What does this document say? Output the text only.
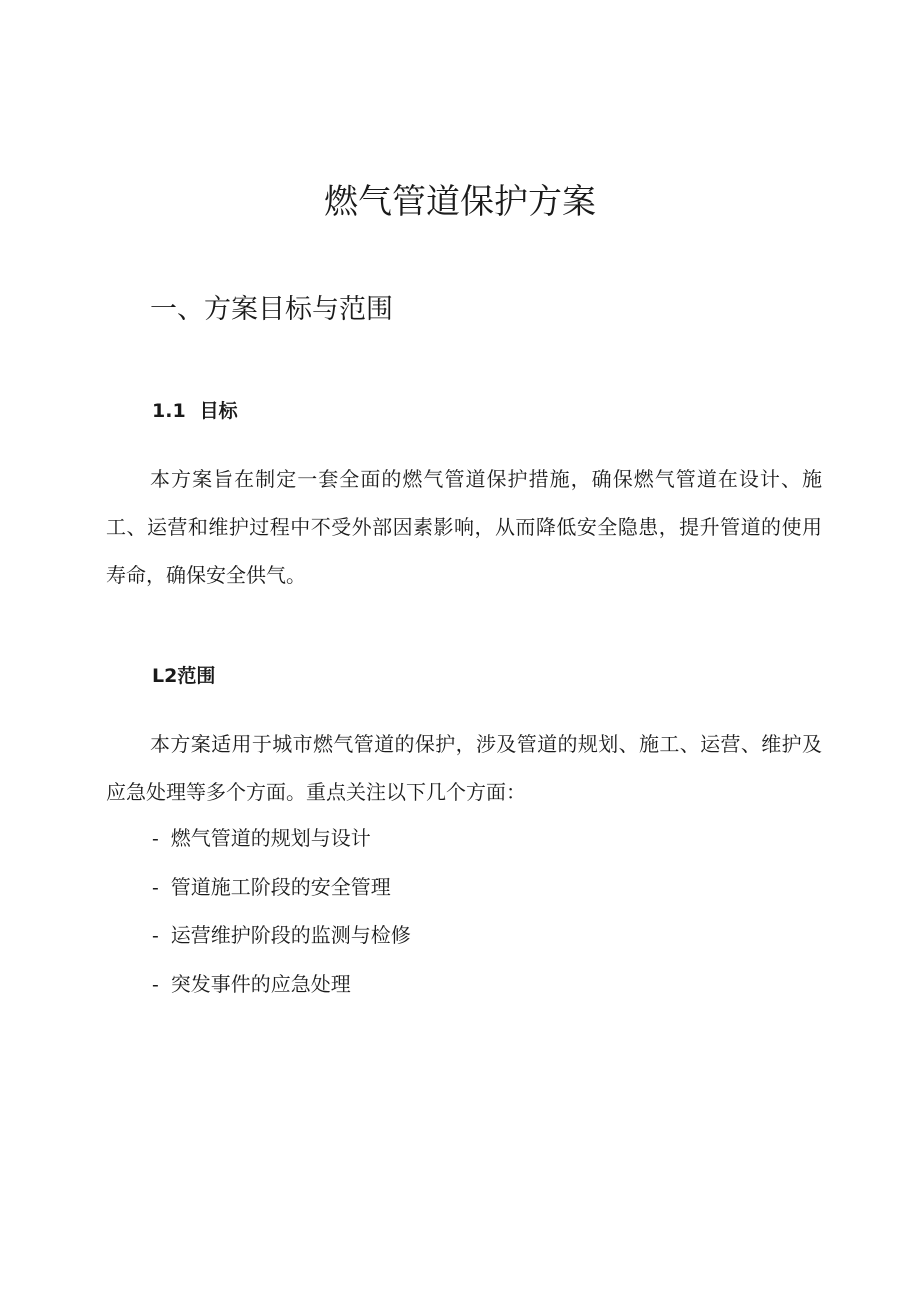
燃气管道保护方案
一、方案目标与范围
1.1 目标

本方案旨在制定一套全面的燃气管道保护措施，确保燃气管道在设计、施工、运营和维护过程中不受外部因素影响，从而降低安全隐患，提升管道的使用寿命，确保安全供气。

L2范围

本方案适用于城市燃气管道的保护，涉及管道的规划、施工、运营、维护及应急处理等多个方面。重点关注以下几个方面：

- 燃气管道的规划与设计
- 管道施工阶段的安全管理
- 运营维护阶段的监测与检修
- 突发事件的应急处理
